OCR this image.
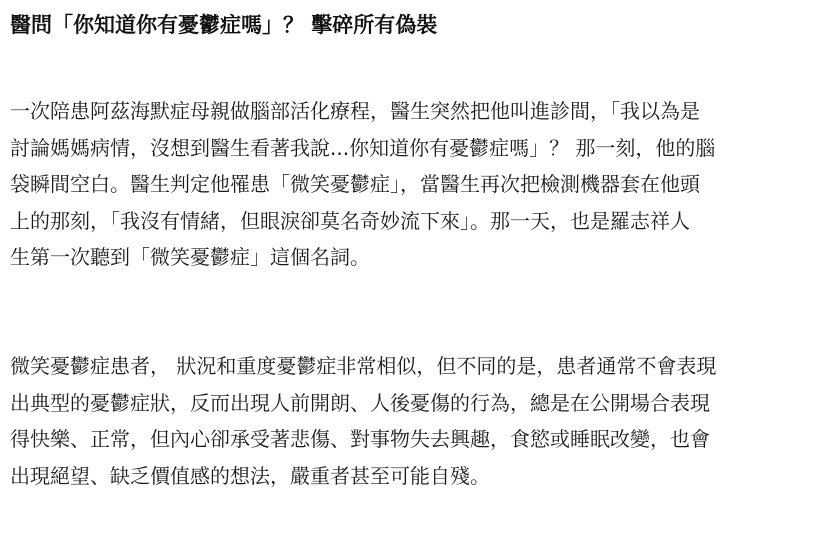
醫問「你知道你有憂鬱症嗎」？ 擊碎所有偽裝

一次陪患阿茲海默症母親做腦部活化療程，醫生突然把他叫進診間，「我以為是
討論媽媽病情，沒想到醫生看著我說...你知道你有憂鬱症嗎」？ 那一刻，他的腦
袋瞬間空白。醫生判定他罹患「微笑憂鬱症」，當醫生再次把檢測機器套在他頭
上的那刻，「我沒有情緒，但眼淚卻莫名奇妙流下來」。那一天，也是羅志祥人
生第一次聽到「微笑憂鬱症」這個名詞。

微笑憂鬱症患者， 狀況和重度憂鬱症非常相似，但不同的是，患者通常不會表現
出典型的憂鬱症狀，反而出現人前開朗、人後憂傷的行為，總是在公開場合表現
得快樂、正常，但內心卻承受著悲傷、對事物失去興趣，食慾或睡眠改變，也會
出現絕望、缺乏價值感的想法，嚴重者甚至可能自殘。
